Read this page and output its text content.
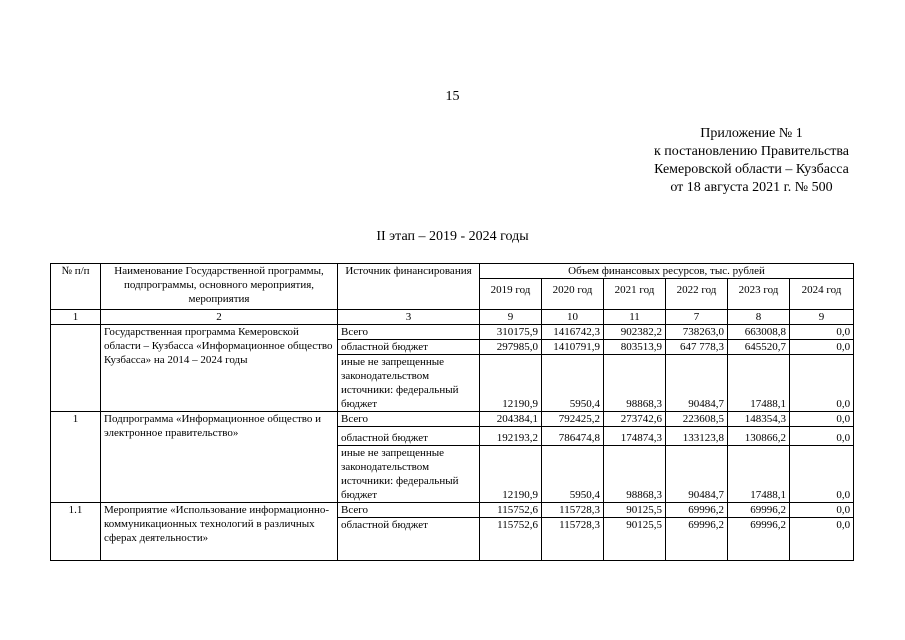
15
Приложение № 1
к постановлению Правительства
Кемеровской области – Кузбасса
от 18 августа 2021 г. № 500
II этап – 2019 - 2024 годы
№ п/п	Наименование Государственной программы, подпрограммы, основного мероприятия, мероприятия	Источник финансирования	Объем финансовых ресурсов, тыс. рублей					
			2019 год	2020 год	2021 год	2022 год	2023 год	2024 год
1	2	3	9	10	11	7	8	9
	Государственная программа Кемеровской области – Кузбасса «Информационное общество Кузбасса» на 2014 – 2024 годы	Всего	310175,9	1416742,3	902382,2	738263,0	663008,8	0,0
		областной бюджет	297985,0	1410791,9	803513,9	647 778,3	645520,7	0,0
		иные не запрещенные законодательством источники: федеральный бюджет	12190,9	5950,4	98868,3	90484,7	17488,1	0,0
1	Подпрограмма «Информационное общество и электронное правительство»	Всего	204384,1	792425,2	273742,6	223608,5	148354,3	0,0
		областной бюджет	192193,2	786474,8	174874,3	133123,8	130866,2	0,0
		иные не запрещенные законодательством источники: федеральный бюджет	12190,9	5950,4	98868,3	90484,7	17488,1	0,0
1.1	Мероприятие «Использование информационно-коммуникационных технологий в различных сферах деятельности»	Всего	115752,6	115728,3	90125,5	69996,2	69996,2	0,0
		областной бюджет	115752,6	115728,3	90125,5	69996,2	69996,2	0,0
